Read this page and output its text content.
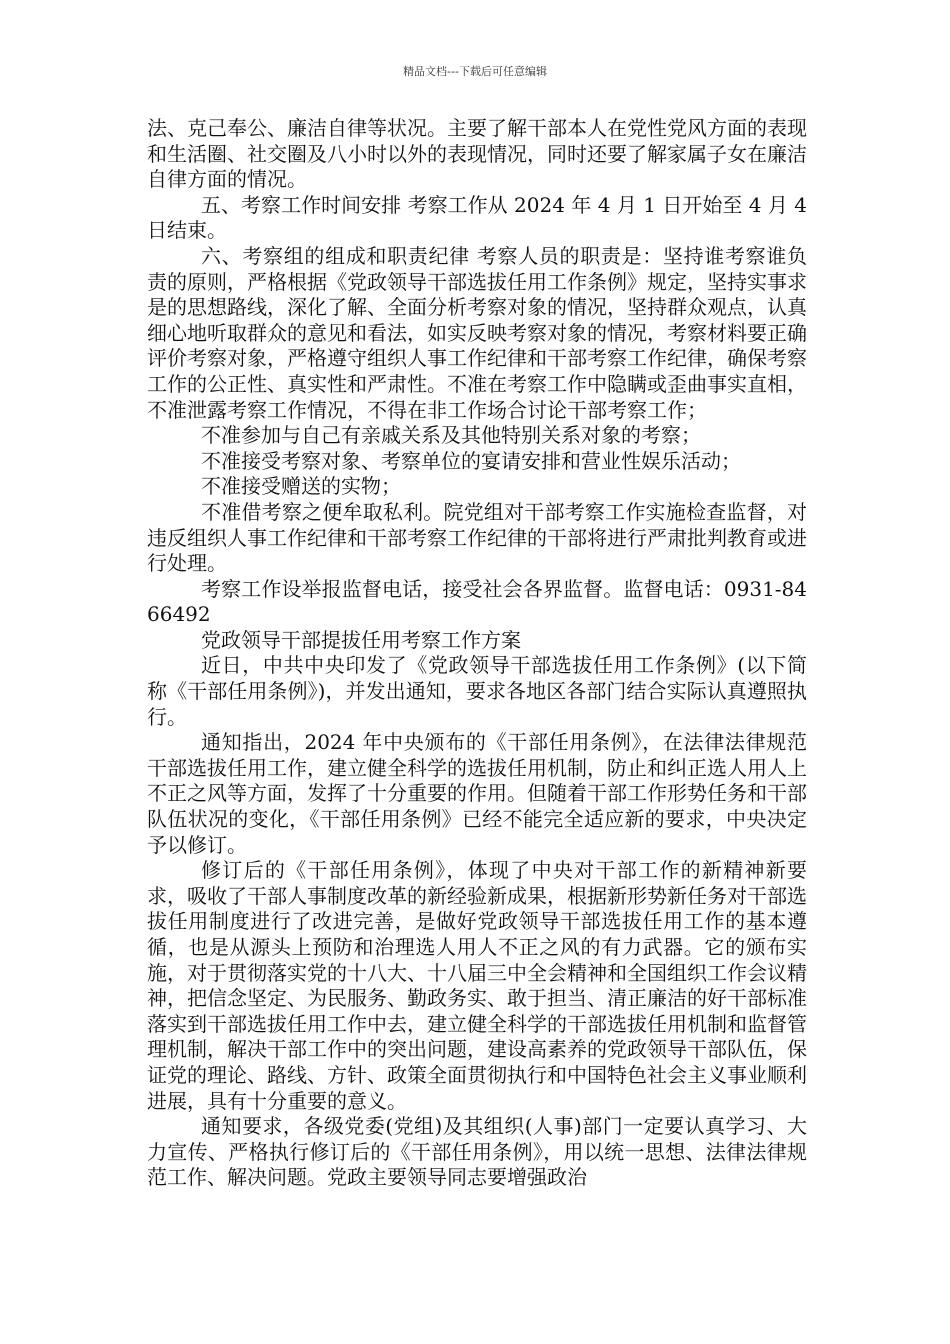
精品文档---下载后可任意编辑

法、克己奉公、廉洁自律等状况。主要了解干部本人在党性党风方面的表现和生活圈、社交圈及八小时以外的表现情况，同时还要了解家属子女在廉洁自律方面的情况。

五、考察工作时间安排 考察工作从 2024 年 4 月 1 日开始至 4 月 4 日结束。

六、考察组的组成和职责纪律 考察人员的职责是：坚持谁考察谁负责的原则，严格根据《党政领导干部选拔任用工作条例》规定，坚持实事求是的思想路线，深化了解、全面分析考察对象的情况，坚持群众观点，认真细心地听取群众的意见和看法，如实反映考察对象的情况，考察材料要正确评价考察对象，严格遵守组织人事工作纪律和干部考察工作纪律，确保考察工作的公正性、真实性和严肃性。不准在考察工作中隐瞒或歪曲事实直相，不准泄露考察工作情况，不得在非工作场合讨论干部考察工作；

不准参加与自己有亲戚关系及其他特别关系对象的考察；

不准接受考察对象、考察单位的宴请安排和营业性娱乐活动；

不准接受赠送的实物；

不准借考察之便牟取私利。院党组对干部考察工作实施检查监督，对违反组织人事工作纪律和干部考察工作纪律的干部将进行严肃批判教育或进行处理。

考察工作设举报监督电话，接受社会各界监督。监督电话：0931-8466492

党政领导干部提拔任用考察工作方案

近日，中共中央印发了《党政领导干部选拔任用工作条例》(以下简称《干部任用条例》)，并发出通知，要求各地区各部门结合实际认真遵照执行。

通知指出，2024 年中央颁布的《干部任用条例》，在法律法律规范干部选拔任用工作，建立健全科学的选拔任用机制，防止和纠正选人用人上不正之风等方面，发挥了十分重要的作用。但随着干部工作形势任务和干部队伍状况的变化，《干部任用条例》已经不能完全适应新的要求，中央决定予以修订。

修订后的《干部任用条例》，体现了中央对干部工作的新精神新要求，吸收了干部人事制度改革的新经验新成果，根据新形势新任务对干部选拔任用制度进行了改进完善，是做好党政领导干部选拔任用工作的基本遵循，也是从源头上预防和治理选人用人不正之风的有力武器。它的颁布实施，对于贯彻落实党的十八大、十八届三中全会精神和全国组织工作会议精神，把信念坚定、为民服务、勤政务实、敢于担当、清正廉洁的好干部标准落实到干部选拔任用工作中去，建立健全科学的干部选拔任用机制和监督管理机制，解决干部工作中的突出问题，建设高素养的党政领导干部队伍，保证党的理论、路线、方针、政策全面贯彻执行和中国特色社会主义事业顺利进展，具有十分重要的意义。

通知要求，各级党委(党组)及其组织(人事)部门一定要认真学习、大力宣传、严格执行修订后的《干部任用条例》，用以统一思想、法律法律规范工作、解决问题。党政主要领导同志要增强政治
